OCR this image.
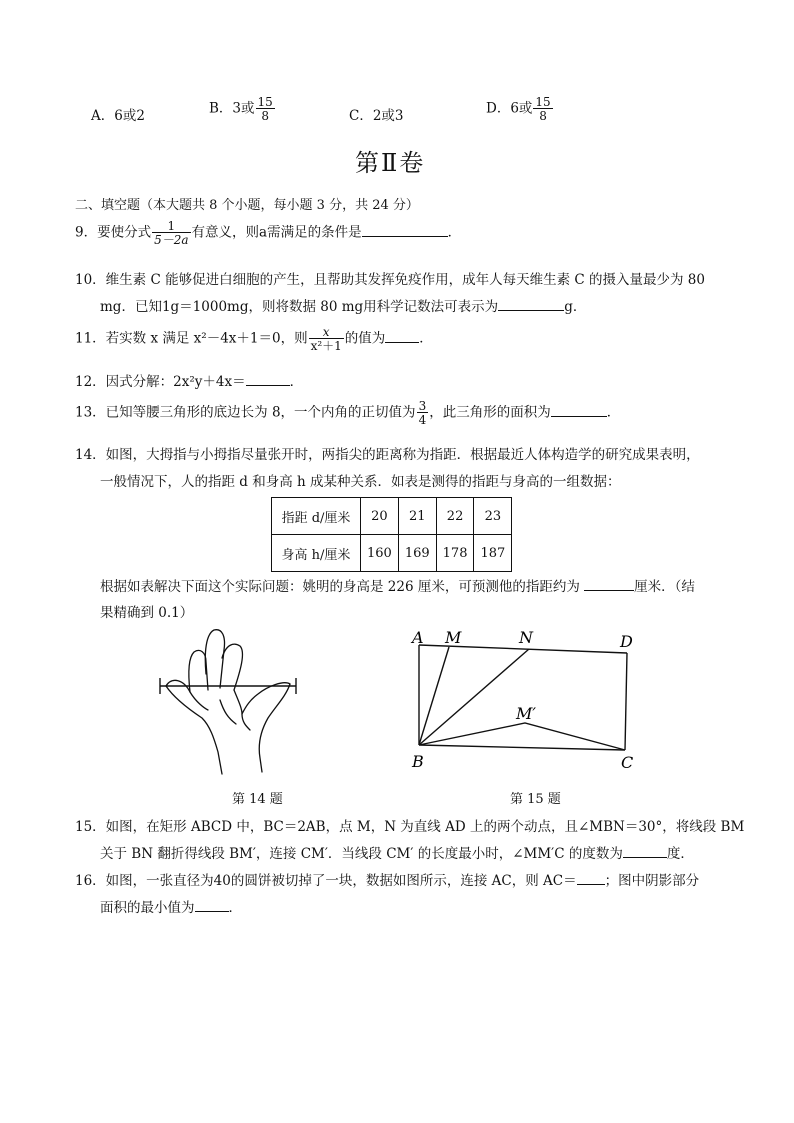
A．6或2	B．3或 $\frac{15}{8}$	C．2或3	D．6或 $\frac{15}{8}$
第Ⅱ卷
二、填空题（本大题共 8 个小题，每小题 3 分，共 24 分）
9．要使分式 $\frac{1}{5-2a}$ 有意义，则a需满足的条件是	．
10．维生素 C 能够促进白细胞的产生，且帮助其发挥免疫作用，成年人每天维生素 C 的摄入量最少为 80
mg．已知1g＝1000mg，则将数据 80 mg用科学记数法可表示为	g．
11．若实数 x 满足 x²－4x＋1＝0，则 $\frac{x}{\text{x²＋1}}$ 的值为	．
12．因式分解：2x²y＋4x＝	．
13．已知等腰三角形的底边长为 8，一个内角的正切值为 $\frac{3}{4}$ ，此三角形的面积为	．
14．如图，大拇指与小拇指尽量张开时，两指尖的距离称为指距．根据最近人体构造学的研究成果表明，
一般情况下，人的指距 d 和身高 h 成某种关系．如表是测得的指距与身高的一组数据：
指距 d/厘米	20	21	22	23
身高 h/厘米	160	169	178	187
根据如表解决下面这个实际问题：姚明的身高是 226 厘米，可预测他的指距约为	厘米．（结
果精确到 0.1）
第 14 题
A M	N	D
M′
B	C
第 15 题
15．如图，在矩形 ABCD 中，BC＝2AB，点 M，N 为直线 AD 上的两个动点，且∠MBN＝30°，将线段 BM
关于 BN 翻折得线段 BM′，连接 CM′．当线段 CM′ 的长度最小时，∠MM′C 的度数为	度．
16．如图，一张直径为40的圆饼被切掉了一块，数据如图所示，连接 AC，则 AC＝ ；图中阴影部分
面积的最小值为	．
